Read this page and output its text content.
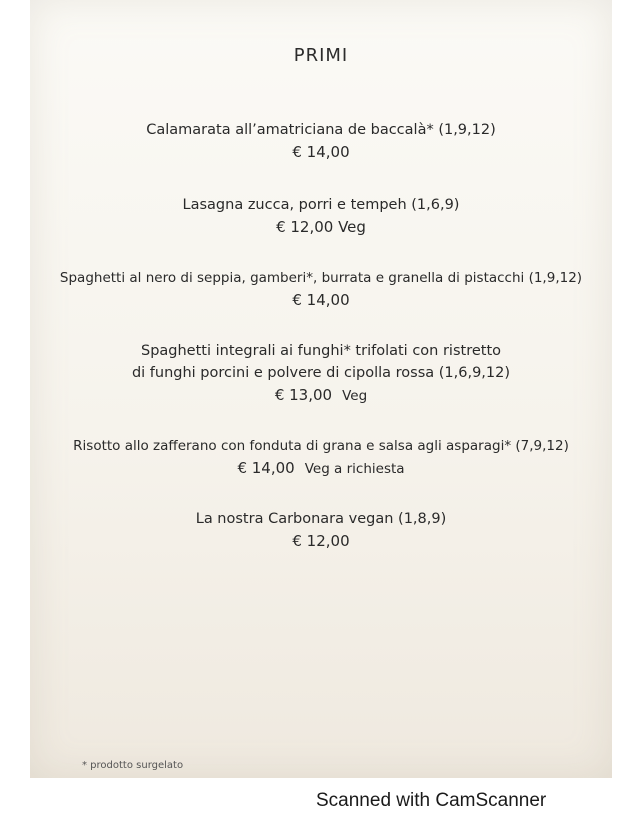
PRIMI
Calamarata all’amatriciana de baccalà* (1,9,12)
€ 14,00
Lasagna zucca, porri e tempeh (1,6,9)
€ 12,00 Veg
Spaghetti al nero di seppia, gamberi*, burrata e granella di pistacchi (1,9,12)
€ 14,00
Spaghetti integrali ai funghi* trifolati con ristretto
di funghi porcini e polvere di cipolla rossa (1,6,9,12)
€ 13,00 Veg
Risotto allo zafferano con fonduta di grana e salsa agli asparagi* (7,9,12)
€ 14,00 Veg a richiesta
La nostra Carbonara vegan (1,8,9)
€ 12,00
* prodotto surgelato
Scanned with CamScanner
